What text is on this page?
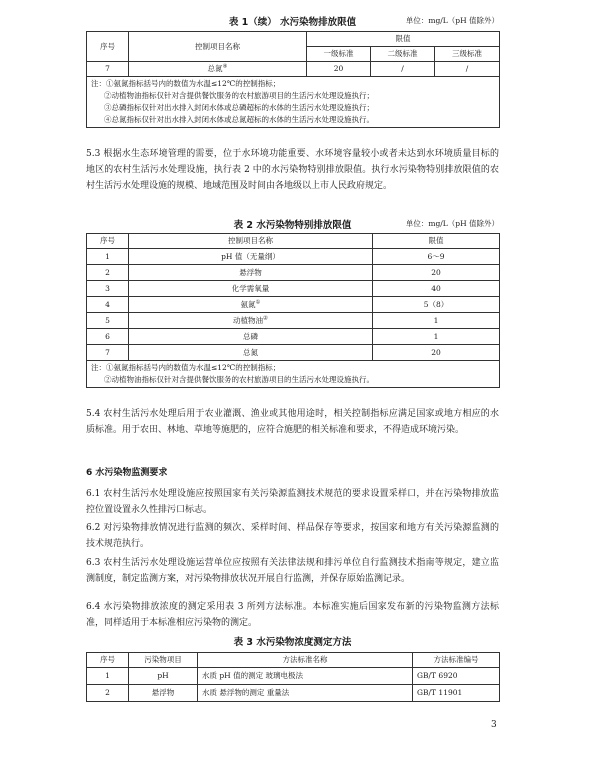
表 1（续） 水污染物排放限值	单位：mg/L（pH 值除外）
序号	控制项目名称	限值		
		一级标准	二级标准	三级标准
7	总氮④	20	/	/

注：①氨氮指标括号内的数值为水温≤12℃的控制指标；
②动植物油指标仅针对含提供餐饮服务的农村旅游项目的生活污水处理设施执行；
③总磷指标仅针对出水排入封闭水体或总磷超标的水体的生活污水处理设施执行；
④总氮指标仅针对出水排入封闭水体或总氮超标的水体的生活污水处理设施执行。				
5.3 根据水生态环境管理的需要，位于水环境功能重要、水环境容量较小或者未达到水环境质量目标的地区的农村生活污水处理设施，执行表 2 中的水污染物特别排放限值。执行水污染物特别排放限值的农村生活污水处理设施的规模、地域范围及时间由各地级以上市人民政府规定。
表 2 水污染物特别排放限值	单位：mg/L（pH 值除外）
序号	控制项目名称	限值
1	pH 值（无量纲）	6～9
2	悬浮物	20
3	化学需氧量	40
4	氨氮①	5（8）
5	动植物油②	1
6	总磷	1
7	总氮	20

注：①氨氮指标括号内的数值为水温≤12℃的控制指标；
②动植物油指标仅针对含提供餐饮服务的农村旅游项目的生活污水处理设施执行。		
5.4 农村生活污水处理后用于农业灌溉、渔业或其他用途时，相关控制指标应满足国家或地方相应的水质标准。用于农田、林地、草地等施肥的，应符合施肥的相关标准和要求，不得造成环境污染。
6 水污染物监测要求
6.1 农村生活污水处理设施应按照国家有关污染源监测技术规范的要求设置采样口，并在污染物排放监控位置设置永久性排污口标志。
6.2 对污染物排放情况进行监测的频次、采样时间、样品保存等要求，按国家和地方有关污染源监测的技术规范执行。
6.3 农村生活污水处理设施运营单位应按照有关法律法规和排污单位自行监测技术指南等规定，建立监测制度，制定监测方案，对污染物排放状况开展自行监测，并保存原始监测记录。
6.4 水污染物排放浓度的测定采用表 3 所列方法标准。本标准实施后国家发布新的污染物监测方法标准，同样适用于本标准相应污染物的测定。
表 3 水污染物浓度测定方法
序号	污染物项目	方法标准名称	方法标准编号
1	pH	水质 pH 值的测定 玻璃电极法	GB/T 6920
2	悬浮物	水质 悬浮物的测定 重量法	GB/T 11901
3
